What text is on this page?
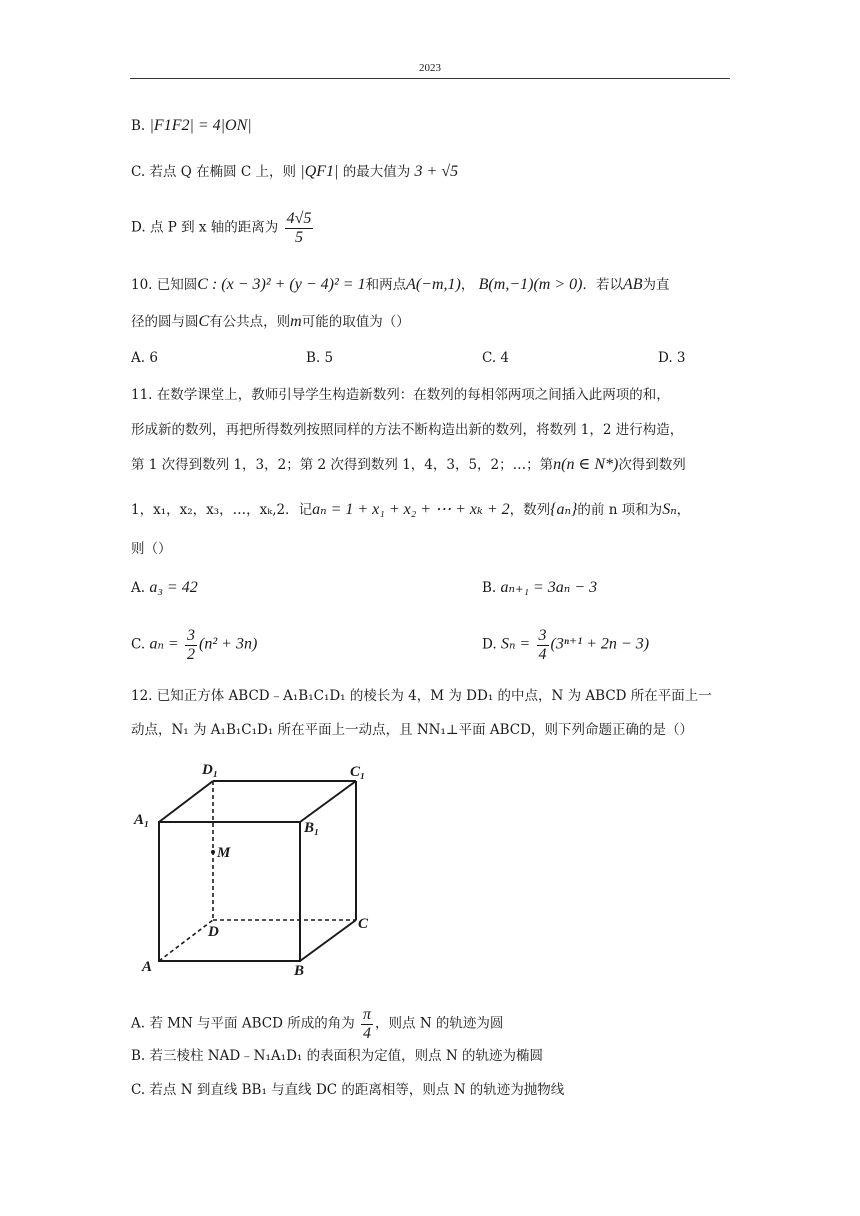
2023
B. |F1F2| = 4|ON|
C. 若点 Q 在椭圆 C 上，则 |QF1| 的最大值为 3 + √5
D. 点 P 到 x 轴的距离为 $\frac{4√5}{5}$
10. 已知圆C : (x − 3)² + (y − 4)² = 1和两点A(−m,1)， B(m,−1)(m > 0)．若以AB为直
径的圆与圆C有公共点，则m可能的取值为（）
A. 6	B. 5	C. 4	D. 3
11. 在数学课堂上，教师引导学生构造新数列：在数列的每相邻两项之间插入此两项的和，
形成新的数列，再把所得数列按照同样的方法不断构造出新的数列，将数列 1，2 进行构造，
第 1 次得到数列 1，3，2；第 2 次得到数列 1，4，3，5，2；…；第n(n ∈ N*)次得到数列
1，x₁，x₂，x₃，…，xₖ,2．记aₙ = 1 + x₁ + x₂ + ⋯ + xₖ + 2，数列{aₙ}的前 n 项和为Sₙ，
则（）
A. a₃ = 42	B. aₙ₊₁ = 3aₙ − 3
C. $a_n = \frac{3}{2} (n^2 + 3n)$	D. $S_n = \frac{3}{4} (3^{n+1} + 2n - 3)$
12. 已知正方体 ABCD﹣A₁B₁C₁D₁ 的棱长为 4，M 为 DD₁ 的中点，N 为 ABCD 所在平面上一
动点，N₁ 为 A₁B₁C₁D₁ 所在平面上一动点，且 NN₁⊥平面 ABCD，则下列命题正确的是（）
D₁	C₁
A₁	B₁
M
D	C
A	B
A. 若 MN 与平面 ABCD 所成的角为 $\frac{\pi}{4}$ ，则点 N 的轨迹为圆
B. 若三棱柱 NAD﹣N₁A₁D₁ 的表面积为定值，则点 N 的轨迹为椭圆
C. 若点 N 到直线 BB₁ 与直线 DC 的距离相等，则点 N 的轨迹为抛物线
